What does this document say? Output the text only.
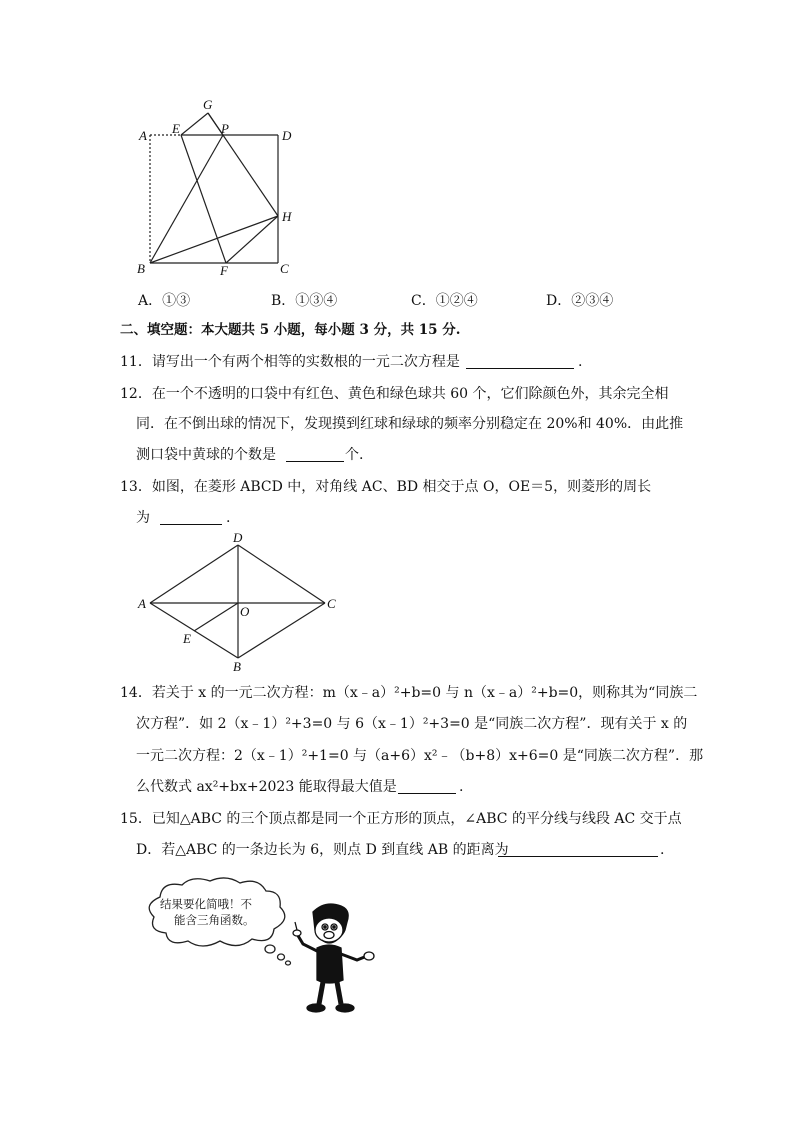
A E
G
P	D
H
B	F	C
A．①③	B．①③④	C．①②④	D．②③④
二、填空题：本大题共 5 小题，每小题 3 分，共 15 分.
11．请写出一个有两个相等的实数根的一元二次方程是	.
12．在一个不透明的口袋中有红色、黄色和绿色球共 60 个，它们除颜色外，其余完全相
同．在不倒出球的情况下，发现摸到红球和绿球的频率分别稳定在 20%和 40%．由此推
测口袋中黄球的个数是	个.
13．如图，在菱形 ABCD 中，对角线 AC、BD 相交于点 O，OE＝5，则菱形的周长
为	.
A
D
C
B
O
E
14．若关于 x 的一元二次方程：m（x﹣a）²+b=0 与 n（x﹣a）²+b=0，则称其为“同族二
次方程”．如 2（x﹣1）²+3=0 与 6（x﹣1）²+3=0 是“同族二次方程”．现有关于 x 的
一元二次方程：2（x﹣1）²+1=0 与（a+6）x²﹣（b+8）x+6=0 是“同族二次方程”．那
么代数式 ax²+bx+2023 能取得最大值是	.
15．已知△ABC 的三个顶点都是同一个正方形的顶点，∠ABC 的平分线与线段 AC 交于点
D．若△ABC 的一条边长为 6，则点 D 到直线 AB 的距离为	.
结果要化简哦！不
能含三角函数。
